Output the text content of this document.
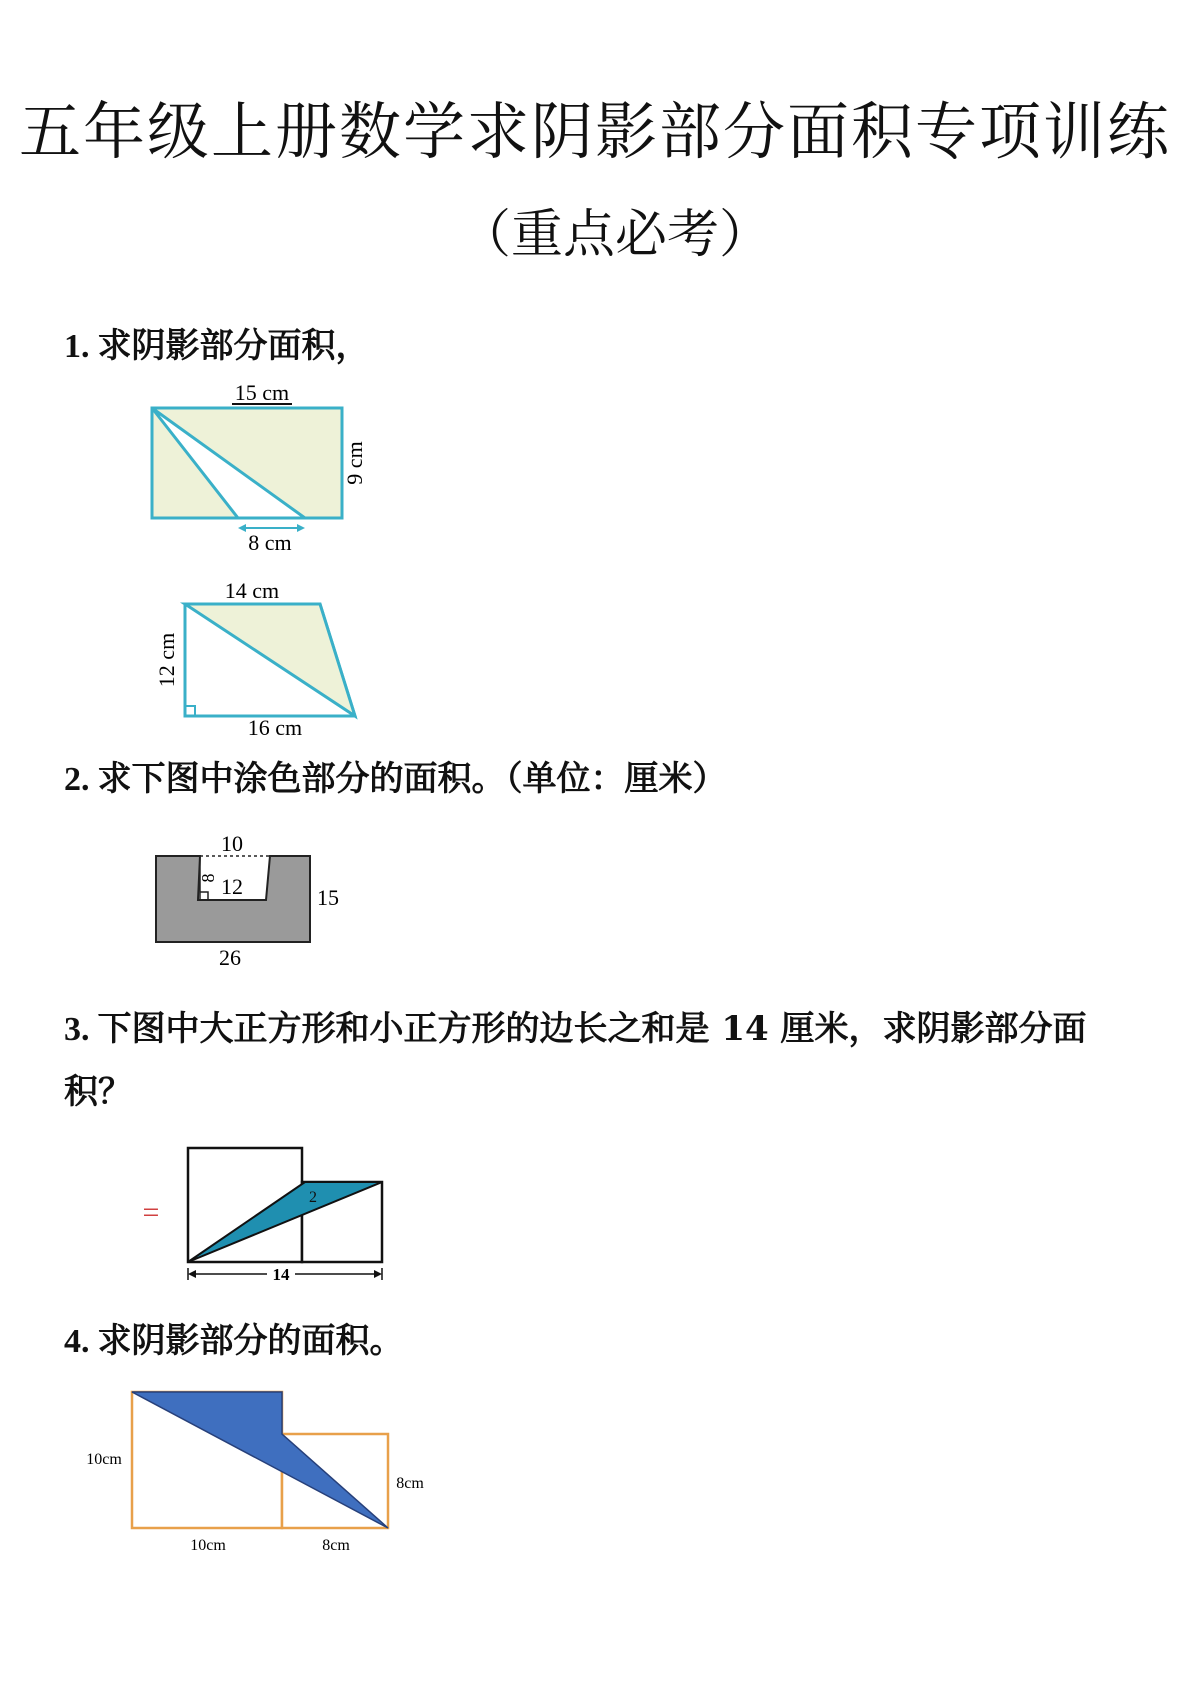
五年级上册数学求阴影部分面积专项训练
（重点必考）
1. 求阴影部分面积，
15 cm
9 cm
8 cm
14 cm
12 cm
16 cm
2. 求下图中涂色部分的面积。（单位：厘米）
10
8 12	15
26
3. 下图中大正方形和小正方形的边长之和是 14 厘米，求阴影部分面
积？
2
=
14
4. 求阴影部分的面积。
10cm
10cm
8cm
8cm
